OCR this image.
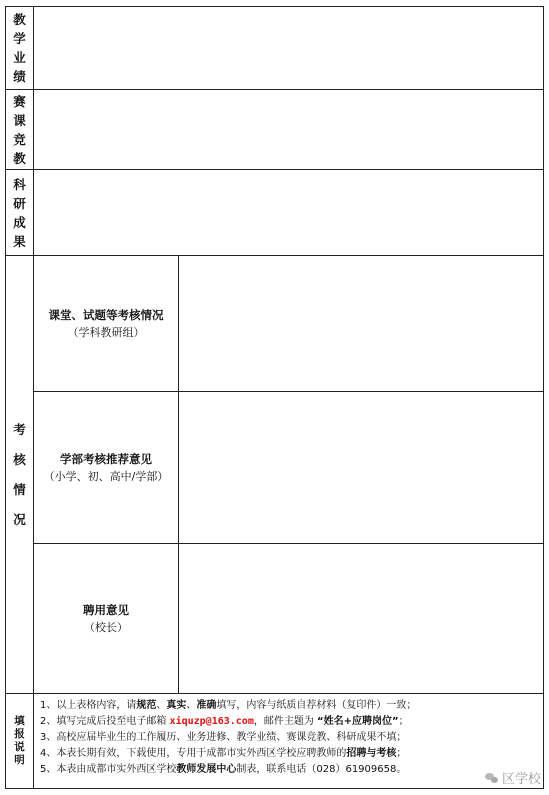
教学业绩
赛课竞教
科研成果
考核情况
课堂、试题等考核情况
（学科教研组）
学部考核推荐意见
（小学、初、高中/学部）
聘用意见
（校长）
填报说明
1、以上表格内容，请规范、真实、准确填写，内容与纸质自荐材料（复印件）一致；
2、填写完成后投至电子邮箱 xiquzp@163.com，邮件主题为 “姓名+应聘岗位”；
3、高校应届毕业生的工作履历、业务进修、教学业绩、赛课竞教、科研成果不填；
4、本表长期有效，下载使用，专用于成都市实外西区学校应聘教师的招聘与考核；
5、本表由成都市实外西区学校教师发展中心制表，联系电话（028）61909658。
区学校
